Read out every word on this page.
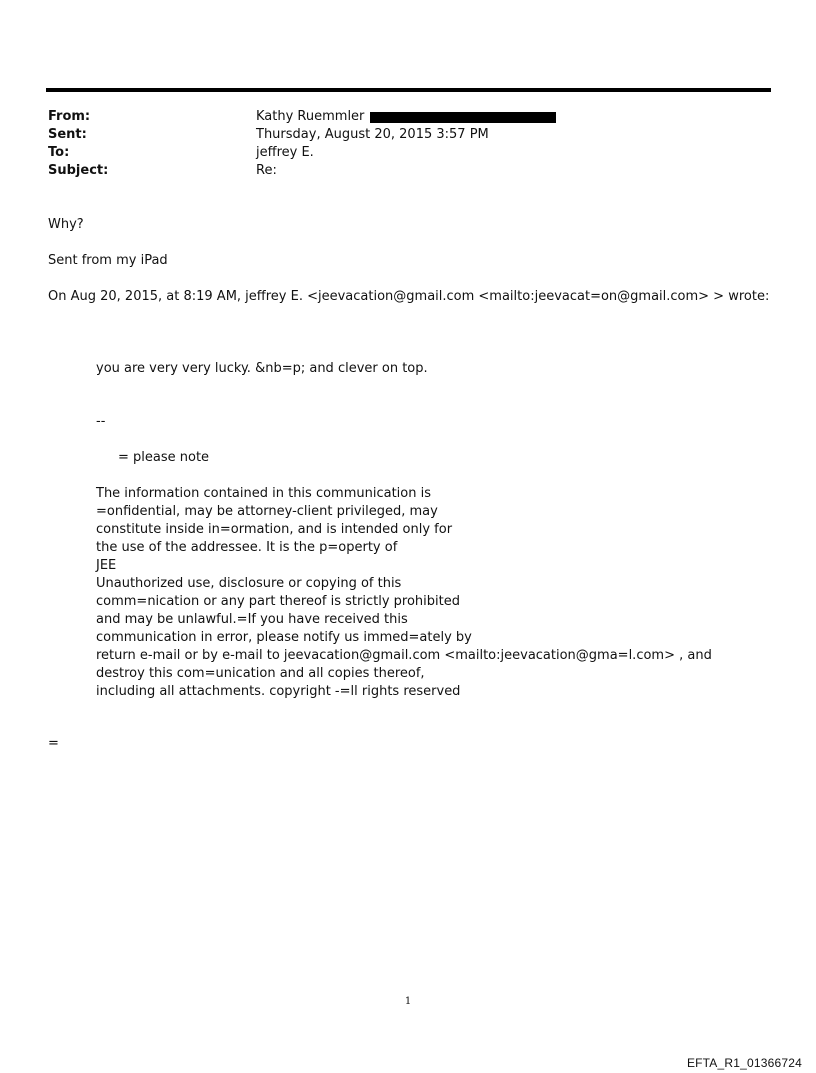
From:	Kathy Ruemmler
Sent:	Thursday, August 20, 2015 3:57 PM
To:	jeffrey E.
Subject:	Re:
Why?
Sent from my iPad
On Aug 20, 2015, at 8:19 AM, jeffrey E. <jeevacation@gmail.com <mailto:jeevacat=on@gmail.com> > wrote:
you are very very lucky. &nb=p; and clever on top.
--
= please note
The information contained in this communication is
=onfidential, may be attorney-client privileged, may
constitute inside in=ormation, and is intended only for
the use of the addressee. It is the p=operty of
JEE
Unauthorized use, disclosure or copying of this
comm=nication or any part thereof is strictly prohibited
and may be unlawful.=If you have received this
communication in error, please notify us immed=ately by
return e-mail or by e-mail to jeevacation@gmail.com <mailto:jeevacation@gma=l.com> , and
destroy this com=unication and all copies thereof,
including all attachments. copyright -=ll rights reserved
=
1
EFTA_R1_01366724
